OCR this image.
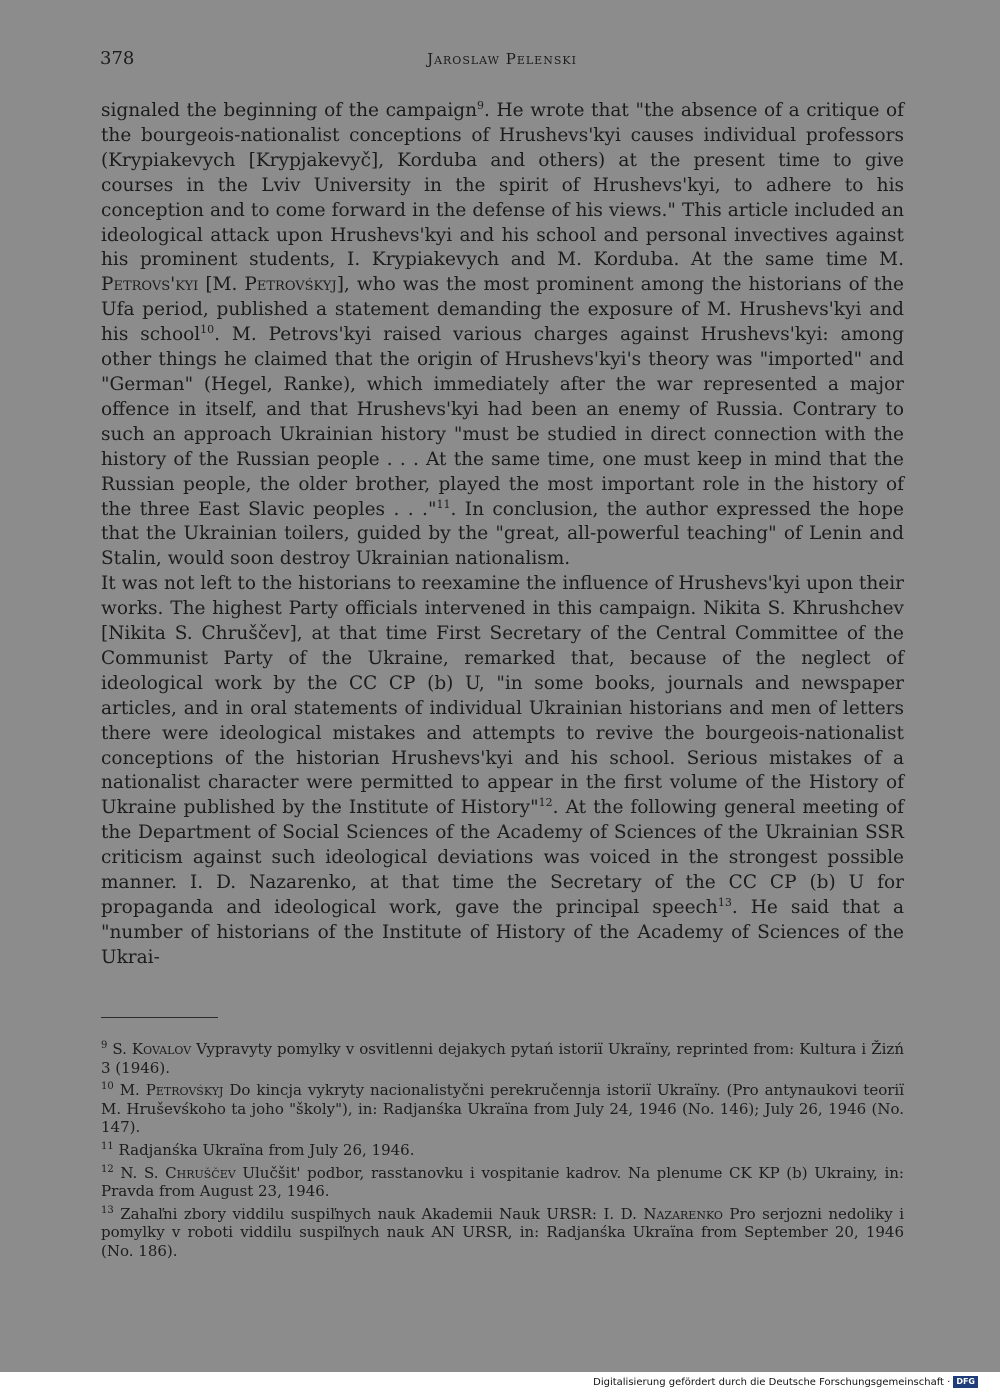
378	Jaroslaw Pelenski

signaled the beginning of the campaign$^9$. He wrote that "the absence of a critique of the bourgeois-nationalist conceptions of Hrushevs'kyi causes individual professors (Krypiakevych [Krypjakevyč], Korduba and others) at the present time to give courses in the Lviv University in the spirit of Hrushevs'kyi, to adhere to his conception and to come forward in the defense of his views." This article included an ideological attack upon Hrushevs'kyi and his school and personal invectives against his prominent students, I. Krypiakevych and M. Korduba. At the same time M. Petrovs'kyi [M. Petrovśkyj], who was the most prominent among the historians of the Ufa period, published a statement demanding the exposure of M. Hrushevs'kyi and his school$^{10}$. M. Petrovs'kyi raised various charges against Hrushevs'kyi: among other things he claimed that the origin of Hrushevs'kyi's theory was "imported" and "German" (Hegel, Ranke), which immediately after the war represented a major offence in itself, and that Hrushevs'kyi had been an enemy of Russia. Contrary to such an approach Ukrainian history "must be studied in direct connection with the history of the Russian people . . . At the same time, one must keep in mind that the Russian people, the older brother, played the most important role in the history of the three East Slavic peoples . . ."$^{11}$. In conclusion, the author expressed the hope that the Ukrainian toilers, guided by the "great, all-powerful teaching" of Lenin and Stalin, would soon destroy Ukrainian nationalism.

It was not left to the historians to reexamine the influence of Hrushevs'kyi upon their works. The highest Party officials intervened in this campaign. Nikita S. Khrushchev [Nikita S. Chruščev], at that time First Secretary of the Central Committee of the Communist Party of the Ukraine, remarked that, because of the neglect of ideological work by the CC CP (b) U, "in some books, journals and newspaper articles, and in oral statements of individual Ukrainian historians and men of letters there were ideological mistakes and attempts to revive the bourgeois-nationalist conceptions of the historian Hrushevs'kyi and his school. Serious mistakes of a nationalist character were permitted to appear in the first volume of the History of Ukraine published by the Institute of History"$^{12}$. At the following general meeting of the Department of Social Sciences of the Academy of Sciences of the Ukrainian SSR criticism against such ideological deviations was voiced in the strongest possible manner. I. D. Nazarenko, at that time the Secretary of the CC CP (b) U for propaganda and ideological work, gave the principal speech$^{13}$. He said that a "number of historians of the Institute of History of the Academy of Sciences of the Ukrai-

$^9$ S. Kovalov Vypravyty pomylky v osvitlenni dejakych pytań istoriï Ukraïny, reprinted from: Kultura i Žizń 3 (1946).

$^{10}$ M. Petrovśkyj Do kincja vykryty nacionalistyčni perekručennja istoriï Ukraïny. (Pro antynaukovi teoriï M. Hruševśkoho ta joho "školy"), in: Radjanśka Ukraïna from July 24, 1946 (No. 146); July 26, 1946 (No. 147).

$^{11}$ Radjanśka Ukraïna from July 26, 1946.

$^{12}$ N. S. Chruščev Ulučšit' podbor, rasstanovku i vospitanie kadrov. Na plenume CK KP (b) Ukrainy, in: Pravda from August 23, 1946.

$^{13}$ Zahaľni zbory viddilu suspiľnych nauk Akademii Nauk URSR: I. D. Nazarenko Pro serjozni nedoliky i pomylky v roboti viddilu suspiľnych nauk AN URSR, in: Radjanśka Ukraïna from September 20, 1946 (No. 186).

Digitalisierung gefördert durch die Deutsche Forschungsgemeinschaft · DFG
